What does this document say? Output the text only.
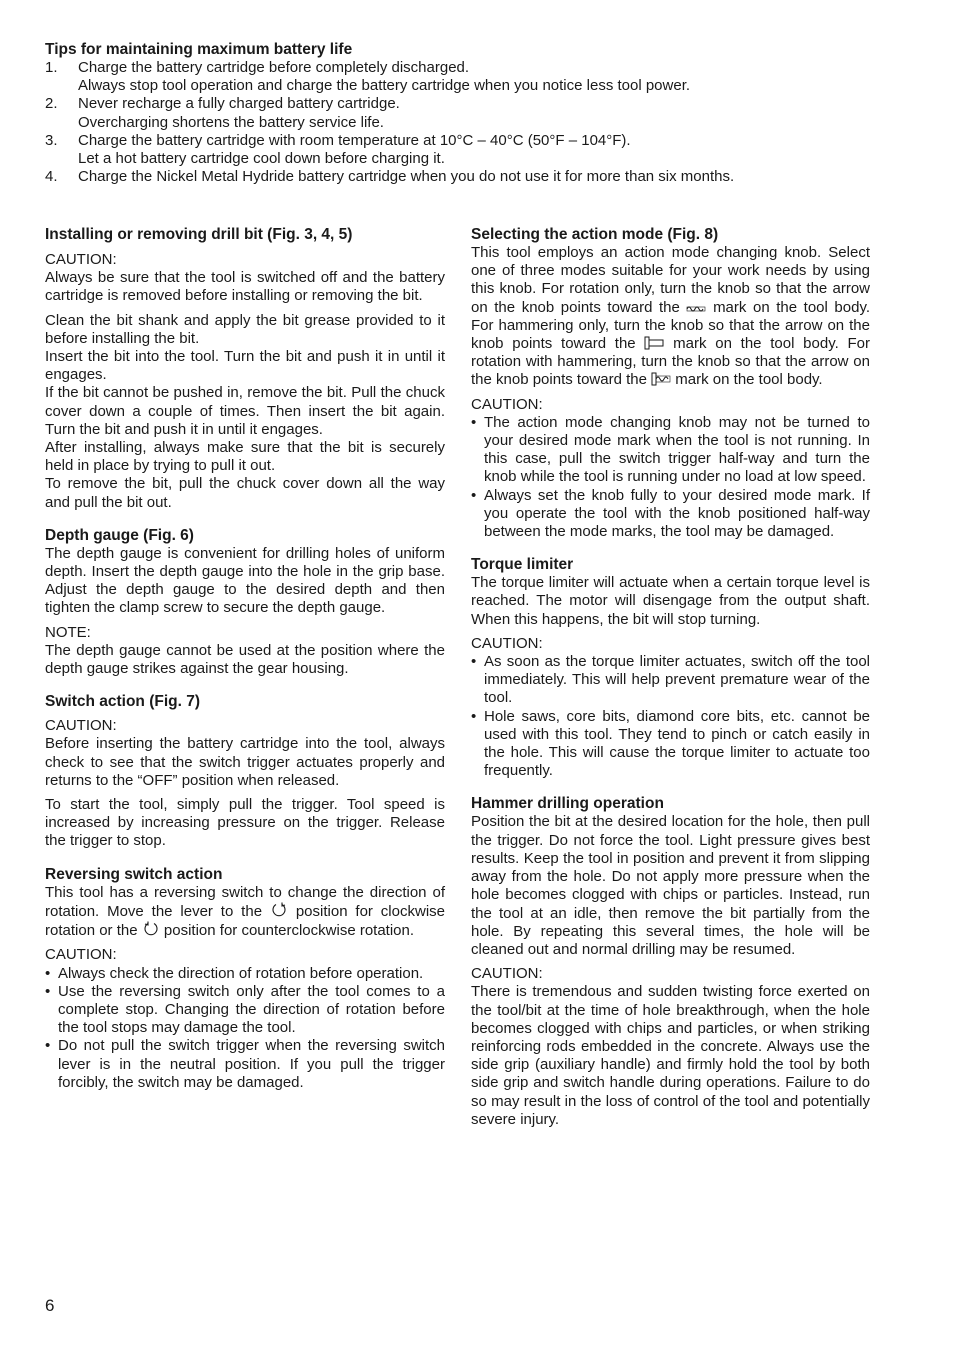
Tips for maintaining maximum battery life
1. Charge the battery cartridge before completely discharged.

Always stop tool operation and charge the battery cartridge when you notice less tool power.

2. Never recharge a fully charged battery cartridge.

Overcharging shortens the battery service life.

3. Charge the battery cartridge with room temperature at 10°C – 40°C (50°F – 104°F).

Let a hot battery cartridge cool down before charging it.

4. Charge the Nickel Metal Hydride battery cartridge when you do not use it for more than six months.

Installing or removing drill bit (Fig. 3, 4, 5)

CAUTION:

Always be sure that the tool is switched off and the battery cartridge is removed before installing or removing the bit.

Clean the bit shank and apply the bit grease provided to it before installing the bit.

Insert the bit into the tool. Turn the bit and push it in until it engages.

If the bit cannot be pushed in, remove the bit. Pull the chuck cover down a couple of times. Then insert the bit again. Turn the bit and push it in until it engages.

After installing, always make sure that the bit is securely held in place by trying to pull it out.

To remove the bit, pull the chuck cover down all the way and pull the bit out.

Depth gauge (Fig. 6)

The depth gauge is convenient for drilling holes of uniform depth. Insert the depth gauge into the hole in the grip base. Adjust the depth gauge to the desired depth and then tighten the clamp screw to secure the depth gauge.

NOTE:

The depth gauge cannot be used at the position where the depth gauge strikes against the gear housing.

Switch action (Fig. 7)

CAUTION:

Before inserting the battery cartridge into the tool, always check to see that the switch trigger actuates properly and returns to the “OFF” position when released.

To start the tool, simply pull the trigger. Tool speed is increased by increasing pressure on the trigger. Release the trigger to stop.

Reversing switch action

This tool has a reversing switch to change the direction of rotation. Move the lever to the position for clockwise rotation or the position for counterclockwise rotation.

CAUTION:

• Always check the direction of rotation before operation.
• Use the reversing switch only after the tool comes to a complete stop. Changing the direction of rotation before the tool stops may damage the tool.
• Do not pull the switch trigger when the reversing switch lever is in the neutral position. If you pull the trigger forcibly, the switch may be damaged.
Selecting the action mode (Fig. 8)

This tool employs an action mode changing knob. Select one of three modes suitable for your work needs by using this knob. For rotation only, turn the knob so that the arrow on the knob points toward the mark on the tool body. For hammering only, turn the knob so that the arrow on the knob points toward the	mark on the tool body. For rotation with hammering, turn the knob so that the arrow on the knob points toward the mark on the tool body.

CAUTION:

• The action mode changing knob may not be turned to your desired mode mark when the tool is not running. In this case, pull the switch trigger half-way and turn the knob while the tool is running under no load at low speed.
• Always set the knob fully to your desired mode mark. If you operate the tool with the knob positioned half-way between the mode marks, the tool may be damaged.
Torque limiter

The torque limiter will actuate when a certain torque level is reached. The motor will disengage from the output shaft. When this happens, the bit will stop turning.

CAUTION:

• As soon as the torque limiter actuates, switch off the tool immediately. This will help prevent premature wear of the tool.
• Hole saws, core bits, diamond core bits, etc. cannot be used with this tool. They tend to pinch or catch easily in the hole. This will cause the torque limiter to actuate too frequently.
Hammer drilling operation

Position the bit at the desired location for the hole, then pull the trigger. Do not force the tool. Light pressure gives best results. Keep the tool in position and prevent it from slipping away from the hole. Do not apply more pressure when the hole becomes clogged with chips or particles. Instead, run the tool at an idle, then remove the bit partially from the hole. By repeating this several times, the hole will be cleaned out and normal drilling may be resumed.

CAUTION:

There is tremendous and sudden twisting force exerted on the tool/bit at the time of hole breakthrough, when the hole becomes clogged with chips and particles, or when striking reinforcing rods embedded in the concrete. Always use the side grip (auxiliary handle) and firmly hold the tool by both side grip and switch handle during operations. Failure to do so may result in the loss of control of the tool and potentially severe injury.

6
